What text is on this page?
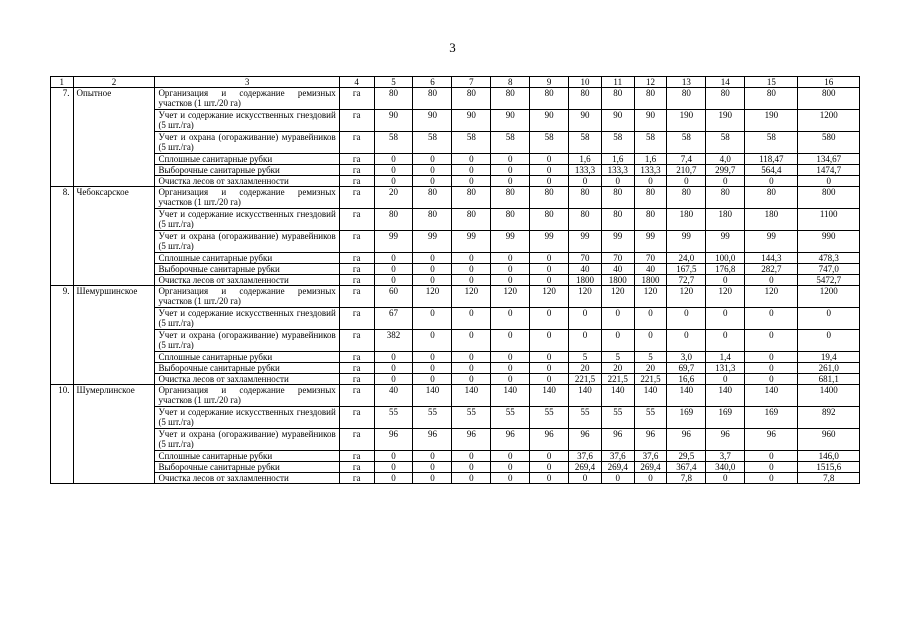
3
1	2	3	4	5	6	7	8	9	10	11	12	13	14	15	16
7.	Опытное	Организация и содержание ремизных участков (1 шт./20 га)	га	80	80	80	80	80	80	80	80	80	80	80	800
		Учет и содержание искусственных гнездовий (5 шт./га)	га	90	90	90	90	90	90	90	90	190	190	190	1200
		Учет и охрана (огораживание) муравейников (5 шт./га)	га	58	58	58	58	58	58	58	58	58	58	58	580
		Сплошные санитарные рубки	га	0	0	0	0	0	1,6	1,6	1,6	7,4	4,0	118,47	134,67
		Выборочные санитарные рубки	га	0	0	0	0	0	133,3	133,3	133,3	210,7	299,7	564,4	1474,7
		Очистка лесов от захламленности	га	0	0	0	0	0	0	0	0	0	0	0	0
8.	Чебоксарское	Организация и содержание ремизных участков (1 шт./20 га)	га	20	80	80	80	80	80	80	80	80	80	80	800
		Учет и содержание искусственных гнездовий (5 шт./га)	га	80	80	80	80	80	80	80	80	180	180	180	1100
		Учет и охрана (огораживание) муравейников (5 шт./га)	га	99	99	99	99	99	99	99	99	99	99	99	990
		Сплошные санитарные рубки	га	0	0	0	0	0	70	70	70	24,0	100,0	144,3	478,3
		Выборочные санитарные рубки	га	0	0	0	0	0	40	40	40	167,5	176,8	282,7	747,0
		Очистка лесов от захламленности	га	0	0	0	0	0	1800	1800	1800	72,7	0	0	5472,7
9.	Шемуршинское	Организация и содержание ремизных участков (1 шт./20 га)	га	60	120	120	120	120	120	120	120	120	120	120	1200
		Учет и содержание искусственных гнездовий (5 шт./га)	га	67	0	0	0	0	0	0	0	0	0	0	0
		Учет и охрана (огораживание) муравейников (5 шт./га)	га	382	0	0	0	0	0	0	0	0	0	0	0
		Сплошные санитарные рубки	га	0	0	0	0	0	5	5	5	3,0	1,4	0	19,4
		Выборочные санитарные рубки	га	0	0	0	0	0	20	20	20	69,7	131,3	0	261,0
		Очистка лесов от захламленности	га	0	0	0	0	0	221,5	221,5	221,5	16,6	0	0	681,1
10.	Шумерлинское	Организация и содержание ремизных участков (1 шт./20 га)	га	40	140	140	140	140	140	140	140	140	140	140	1400
		Учет и содержание искусственных гнездовий (5 шт./га)	га	55	55	55	55	55	55	55	55	169	169	169	892
		Учет и охрана (огораживание) муравейников (5 шт./га)	га	96	96	96	96	96	96	96	96	96	96	96	960
		Сплошные санитарные рубки	га	0	0	0	0	0	37,6	37,6	37,6	29,5	3,7	0	146,0
		Выборочные санитарные рубки	га	0	0	0	0	0	269,4	269,4	269,4	367,4	340,0	0	1515,6
		Очистка лесов от захламленности	га	0	0	0	0	0	0	0	0	7,8	0	0	7,8
